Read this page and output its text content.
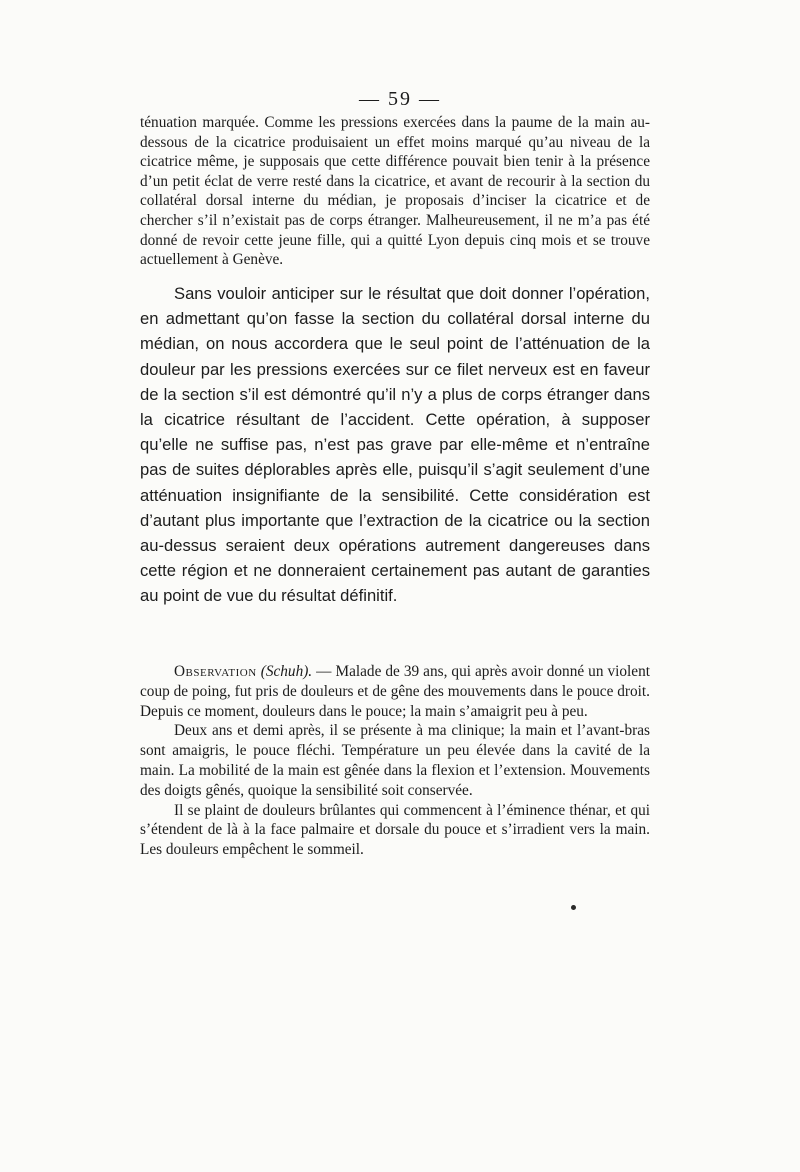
— 59 —

ténuation marquée. Comme les pressions exercées dans la paume de la main au-dessous de la cicatrice produisaient un effet moins marqué qu’au niveau de la cicatrice même, je supposais que cette différence pouvait bien tenir à la présence d’un petit éclat de verre resté dans la cicatrice, et avant de recourir à la section du collatéral dorsal interne du médian, je proposais d’inciser la cicatrice et de chercher s’il n’existait pas de corps étranger. Malheureusement, il ne m’a pas été donné de revoir cette jeune fille, qui a quitté Lyon depuis cinq mois et se trouve actuellement à Genève.

Sans vouloir anticiper sur le résultat que doit donner l’opération, en admettant qu’on fasse la section du collatéral dorsal interne du médian, on nous accordera que le seul point de l’atténuation de la douleur par les pressions exercées sur ce filet nerveux est en faveur de la section s’il est démontré qu’il n’y a plus de corps étranger dans la cicatrice résultant de l’accident. Cette opération, à supposer qu’elle ne suffise pas, n’est pas grave par elle-même et n’entraîne pas de suites déplorables après elle, puisqu’il s’agit seulement d’une atténuation insignifiante de la sensibilité. Cette considération est d’autant plus importante que l’extraction de la cicatrice ou la section au-dessus seraient deux opérations autrement dangereuses dans cette région et ne donneraient certainement pas autant de garanties au point de vue du résultat définitif.

Observation (Schuh). — Malade de 39 ans, qui après avoir donné un violent coup de poing, fut pris de douleurs et de gêne des mouvements dans le pouce droit. Depuis ce moment, douleurs dans le pouce; la main s’amaigrit peu à peu.

Deux ans et demi après, il se présente à ma clinique; la main et l’avant-bras sont amaigris, le pouce fléchi. Température un peu élevée dans la cavité de la main. La mobilité de la main est gênée dans la flexion et l’extension. Mouvements des doigts gênés, quoique la sensibilité soit conservée.

Il se plaint de douleurs brûlantes qui commencent à l’éminence thénar, et qui s’étendent de là à la face palmaire et dorsale du pouce et s’irradient vers la main. Les douleurs empêchent le sommeil.
